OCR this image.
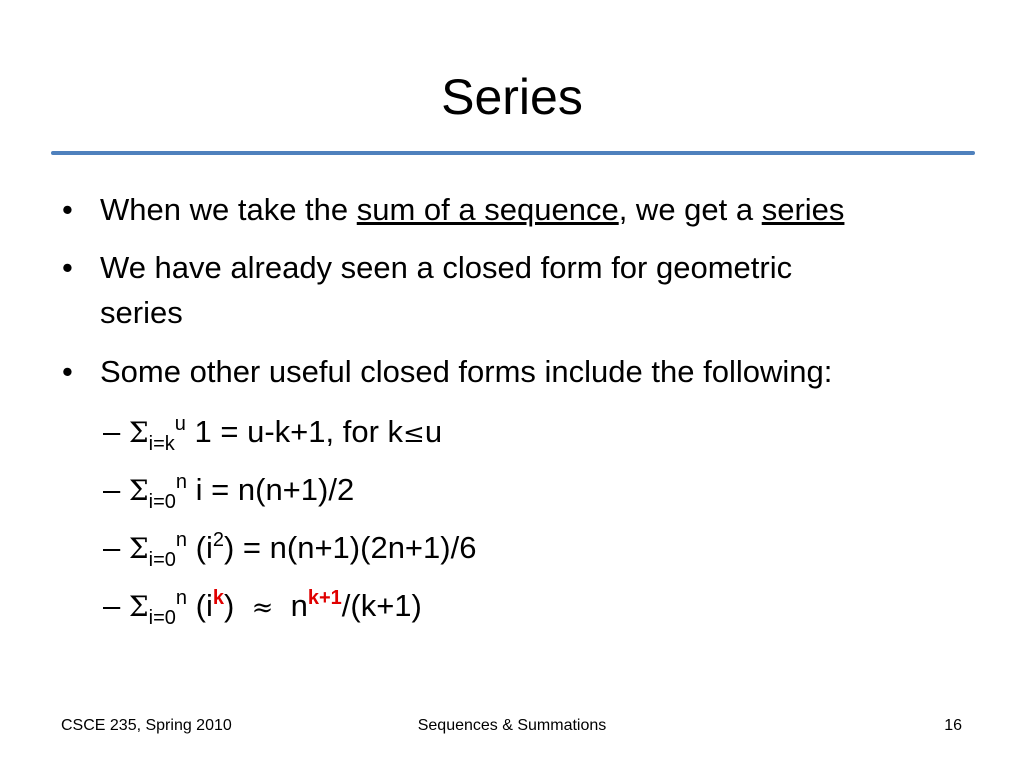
Series
• When we take the sum of a sequence, we get a series
• We have already seen a closed form for geometric
series
• Some other useful closed forms include the following:
– $\Sigma_{i=k}^u$ 1 = u-k+1, for k≤u
– $\Sigma_{i=0}^n$ i = n(n+1)/2
– $\Sigma_{i=0}^n$ $(i^2) = n(n+1)(2n+1)/6$
– $\Sigma_{i=0}^n$ $(i^k) \approx n^{k+1}/(k+1)$
CSCE 235, Spring 2010	Sequences & Summations	16
